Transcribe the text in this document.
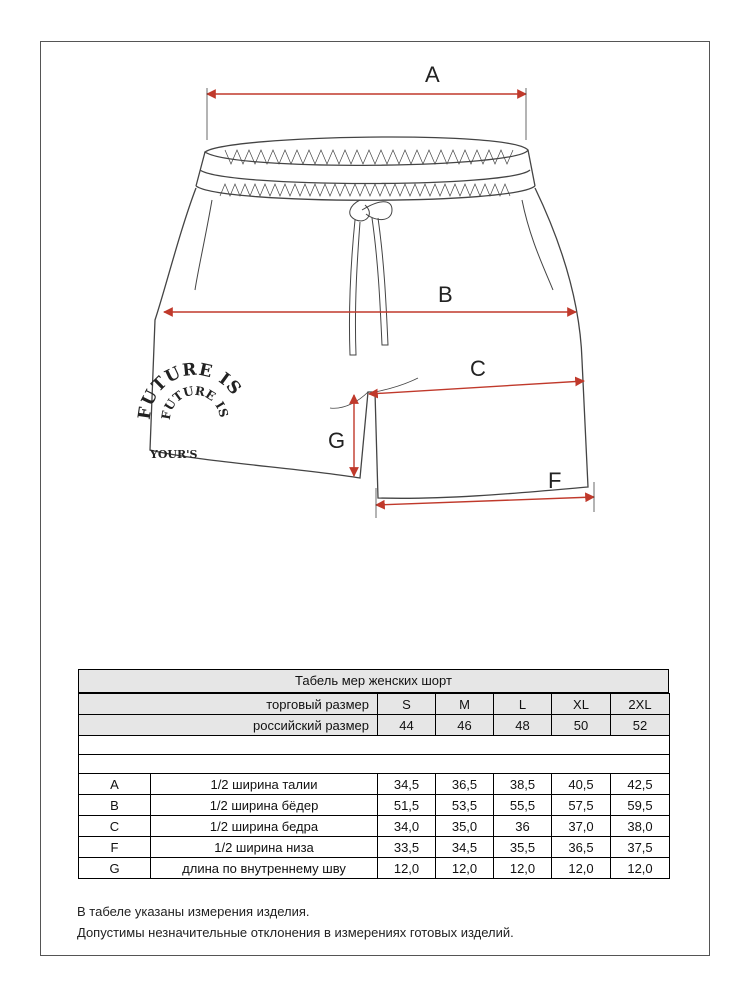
FUTURE IS
FUTURE IS
YOUR'S
A
B
C
G
F
Табель мер женских шорт
торговый размер		S	M	L	XL	2XL
российский размер		44	46	48	50	52

A	1/2 ширина талии	34,5	36,5	38,5	40,5	42,5
B	1/2 ширина бёдер	51,5	53,5	55,5	57,5	59,5
C	1/2 ширина бедра	34,0	35,0	36	37,0	38,0
F	1/2 ширина низа	33,5	34,5	35,5	36,5	37,5
G	длина по внутреннему шву	12,0	12,0	12,0	12,0	12,0
В табеле указаны измерения изделия.
Допустимы незначительные отклонения в измерениях готовых изделий.
